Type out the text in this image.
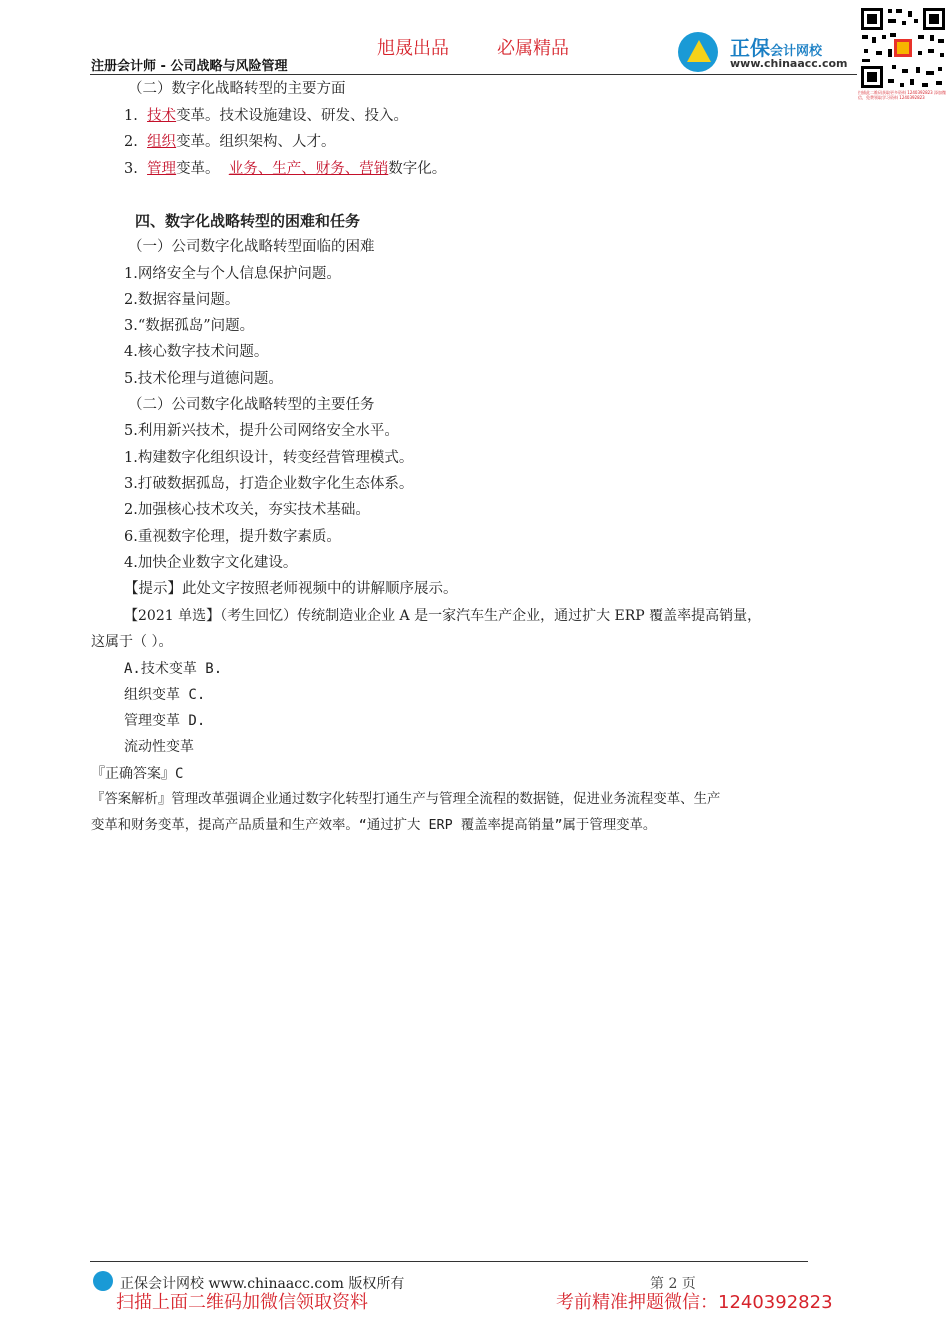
旭晟出品	必属精品
注册会计师 - 公司战略与风险管理
正保会计网校
www.chinaacc.com
扫描此二维码获取更多资料 1240392823 添加微信，免费领取学习资料 1240392823
（二）数字化战略转型的主要方面
1. 技术变革。技术设施建设、研发、投入。
2. 组织变革。组织架构、人才。
3. 管理变革。 业务、生产、财务、营销数字化。
四、数字化战略转型的困难和任务
（一）公司数字化战略转型面临的困难
1.网络安全与个人信息保护问题。
2.数据容量问题。
3.“数据孤岛”问题。
4.核心数字技术问题。
5.技术伦理与道德问题。
（二）公司数字化战略转型的主要任务
5.利用新兴技术，提升公司网络安全水平。
1.构建数字化组织设计，转变经营管理模式。
3.打破数据孤岛，打造企业数字化生态体系。
2.加强核心技术攻关，夯实技术基础。
6.重视数字伦理，提升数字素质。
4.加快企业数字文化建设。
【提示】此处文字按照老师视频中的讲解顺序展示。
【2021 单选】（考生回忆）传统制造业企业 A 是一家汽车生产企业，通过扩大 ERP 覆盖率提高销量，
这属于（ ）。
A.技术变革 B.
组织变革 C.
管理变革 D.
流动性变革
『正确答案』C
『答案解析』管理改革强调企业通过数字化转型打通生产与管理全流程的数据链，促进业务流程变革、生产
变革和财务变革，提高产品质量和生产效率。“通过扩大 ERP 覆盖率提高销量”属于管理变革。
正保会计网校 www.chinaacc.com 版权所有	第 2 页
扫描上面二维码加微信领取资料	考前精准押题微信：1240392823
